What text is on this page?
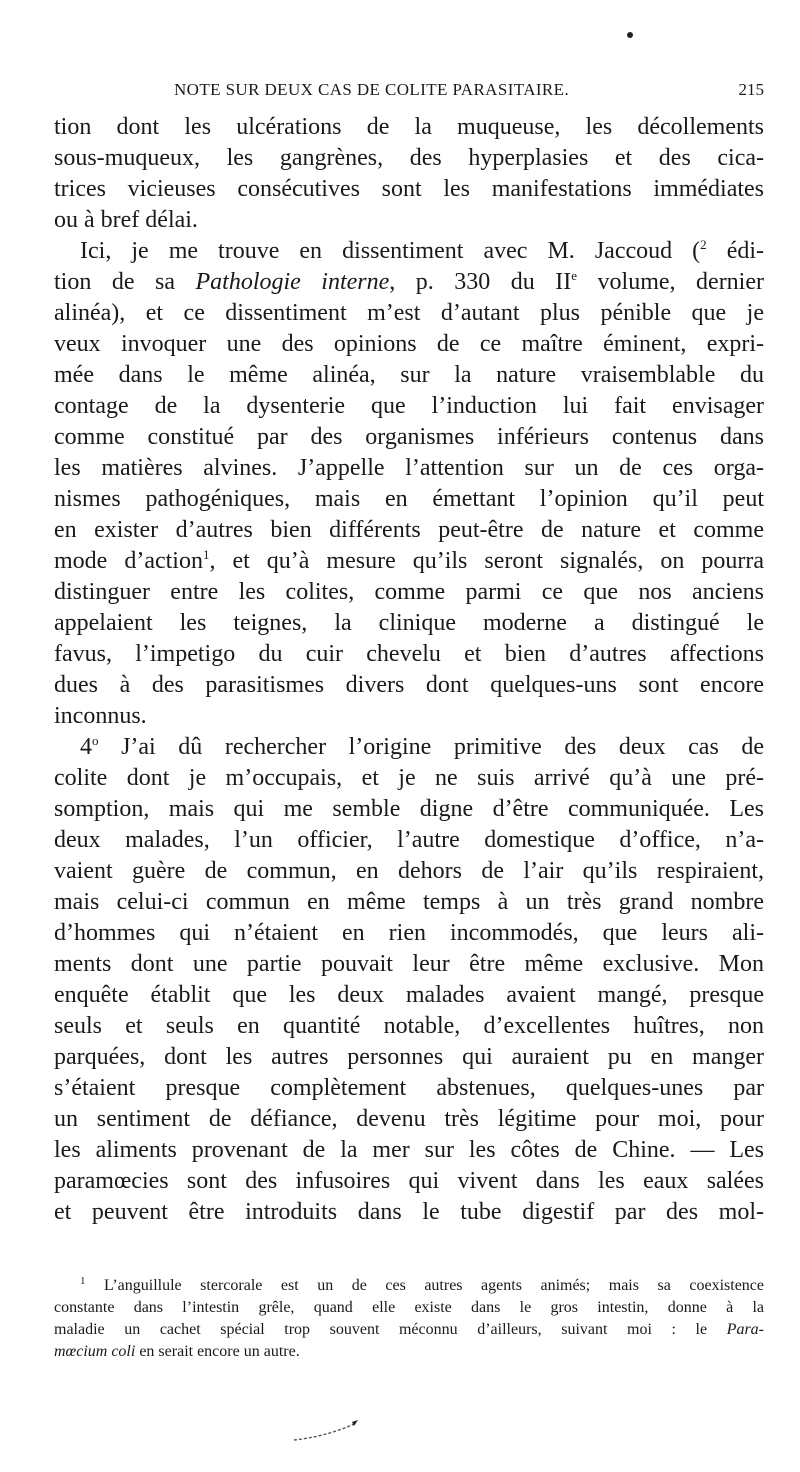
NOTE SUR DEUX CAS DE COLITE PARASITAIRE.	215
tion dont les ulcérations de la muqueuse, les décollements
sous-muqueux, les gangrènes, des hyperplasies et des cica-
trices vicieuses consécutives sont les manifestations immédiates
ou à bref délai.
Ici, je me trouve en dissentiment avec M. Jaccoud ($^2$ édi-
tion de sa Pathologie interne, p. 330 du IIe volume, dernier
alinéa), et ce dissentiment m’est d’autant plus pénible que je
veux invoquer une des opinions de ce maître éminent, expri-
mée dans le même alinéa, sur la nature vraisemblable du
contage de la dysenterie que l’induction lui fait envisager
comme constitué par des organismes inférieurs contenus dans
les matières alvines. J’appelle l’attention sur un de ces orga-
nismes pathogéniques, mais en émettant l’opinion qu’il peut
en exister d’autres bien différents peut-être de nature et comme
mode d’action$^1$, et qu’à mesure qu’ils seront signalés, on pourra
distinguer entre les colites, comme parmi ce que nos anciens
appelaient les teignes, la clinique moderne a distingué le
favus, l’impetigo du cuir chevelu et bien d’autres affections
dues à des parasitismes divers dont quelques-uns sont encore
inconnus.
4$^o$ J’ai dû rechercher l’origine primitive des deux cas de
colite dont je m’occupais, et je ne suis arrivé qu’à une pré-
somption, mais qui me semble digne d’être communiquée. Les
deux malades, l’un officier, l’autre domestique d’office, n’a-
vaient guère de commun, en dehors de l’air qu’ils respiraient,
mais celui-ci commun en même temps à un très grand nombre
d’hommes qui n’étaient en rien incommodés, que leurs ali-
ments dont une partie pouvait leur être même exclusive. Mon
enquête établit que les deux malades avaient mangé, presque
seuls et seuls en quantité notable, d’excellentes huîtres, non
parquées, dont les autres personnes qui auraient pu en manger
s’étaient presque complètement abstenues, quelques-unes par
un sentiment de défiance, devenu très légitime pour moi, pour
les aliments provenant de la mer sur les côtes de Chine. — Les
paramœcies sont des infusoires qui vivent dans les eaux salées
et peuvent être introduits dans le tube digestif par des mol-
$^1$ L’anguillule stercorale est un de ces autres agents animés; mais sa coexistence
constante dans l’intestin grêle, quand elle existe dans le gros intestin, donne à la
maladie un cachet spécial trop souvent méconnu d’ailleurs, suivant moi : le Para-
mœcium coli en serait encore un autre.
